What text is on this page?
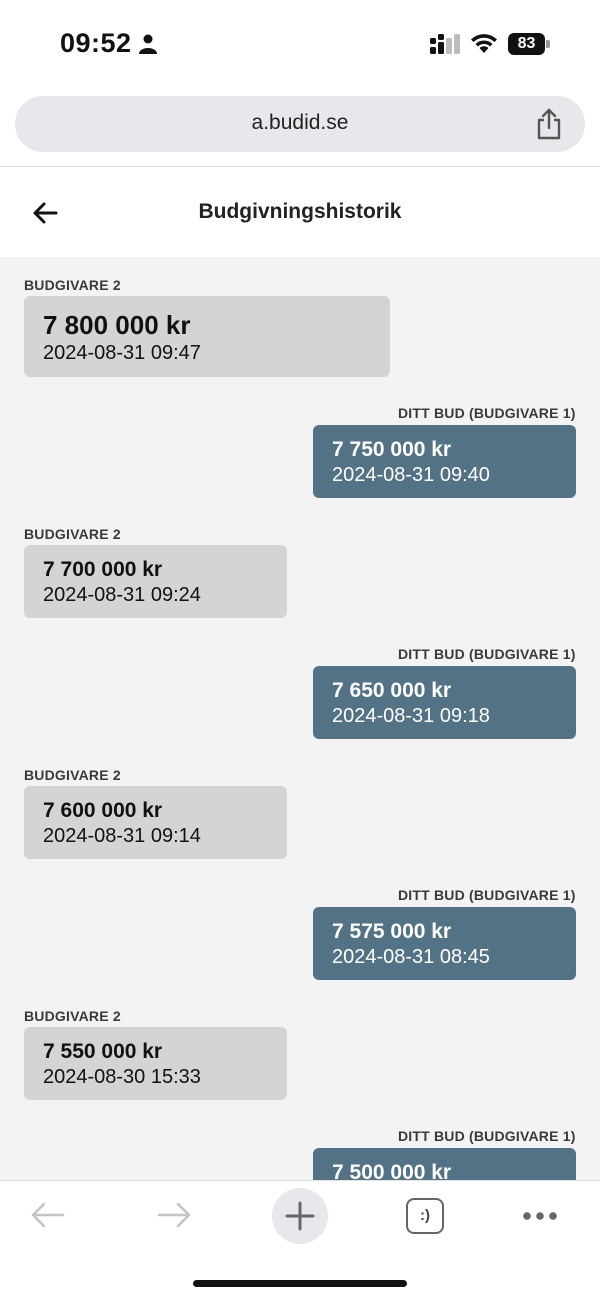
09:52	83
a.budid.se
Budgivningshistorik
BUDGIVARE 2
7 800 000 kr
2024-08-31 09:47
DITT BUD (BUDGIVARE 1)
7 750 000 kr
2024-08-31 09:40
BUDGIVARE 2
7 700 000 kr
2024-08-31 09:24
DITT BUD (BUDGIVARE 1)
7 650 000 kr
2024-08-31 09:18
BUDGIVARE 2
7 600 000 kr
2024-08-31 09:14
DITT BUD (BUDGIVARE 1)
7 575 000 kr
2024-08-31 08:45
BUDGIVARE 2
7 550 000 kr
2024-08-30 15:33
DITT BUD (BUDGIVARE 1)
7 500 000 kr
:)
